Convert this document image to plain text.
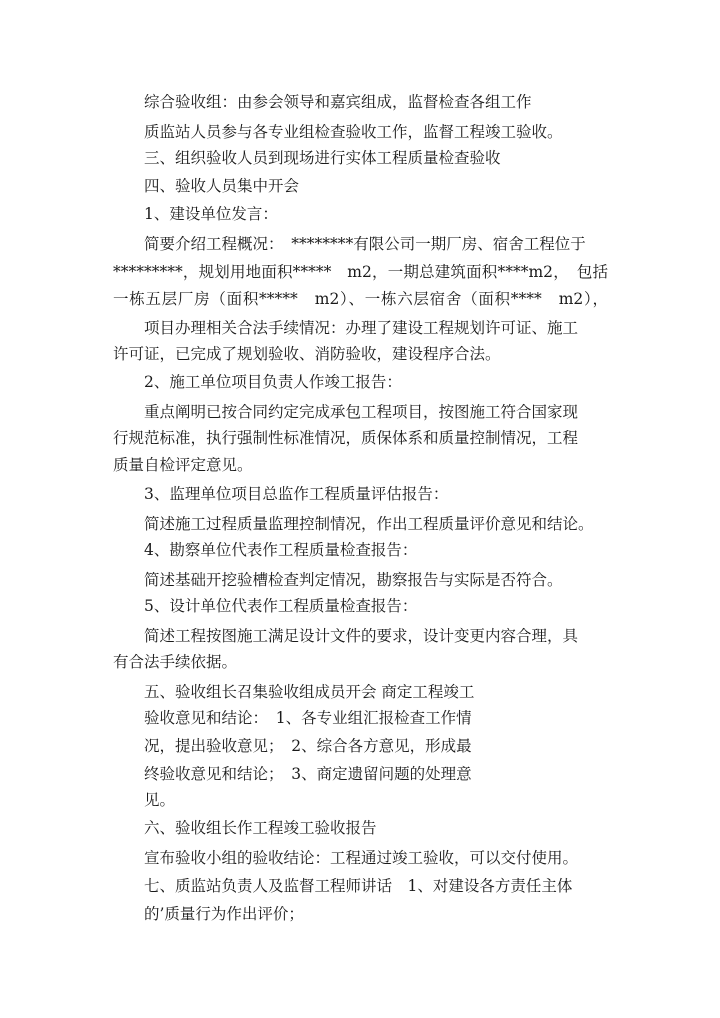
综合验收组：由参会领导和嘉宾组成，监督检查各组工作
质监站人员参与各专业组检查验收工作，监督工程竣工验收。
三、组织验收人员到现场进行实体工程质量检查验收
四、验收人员集中开会
1、建设单位发言：
简要介绍工程概况：　********有限公司一期厂房、宿舍工程位于
*********，规划用地面积*****　m2，一期总建筑面积****m2，　包括
一栋五层厂房（面积*****　m2）、一栋六层宿舍（面积****　m2），
项目办理相关合法手续情况：办理了建设工程规划许可证、施工
许可证，已完成了规划验收、消防验收，建设程序合法。
2、施工单位项目负责人作竣工报告：
重点阐明已按合同约定完成承包工程项目，按图施工符合国家现
行规范标准，执行强制性标准情况，质保体系和质量控制情况，工程
质量自检评定意见。
3、监理单位项目总监作工程质量评估报告：
简述施工过程质量监理控制情况，作出工程质量评价意见和结论。
4、勘察单位代表作工程质量检查报告：
简述基础开挖验槽检查判定情况，勘察报告与实际是否符合。
5、设计单位代表作工程质量检查报告：
简述工程按图施工满足设计文件的要求，设计变更内容合理，具
有合法手续依据。
五、验收组长召集验收组成员开会 商定工程竣工
验收意见和结论：　1、各专业组汇报检查工作情
况，提出验收意见；　2、综合各方意见，形成最
终验收意见和结论；　3、商定遗留问题的处理意
见。
六、验收组长作工程竣工验收报告
宣布验收小组的验收结论：工程通过竣工验收，可以交付使用。
七、质监站负责人及监督工程师讲话　1、对建设各方责任主体
的’质量行为作出评价；
